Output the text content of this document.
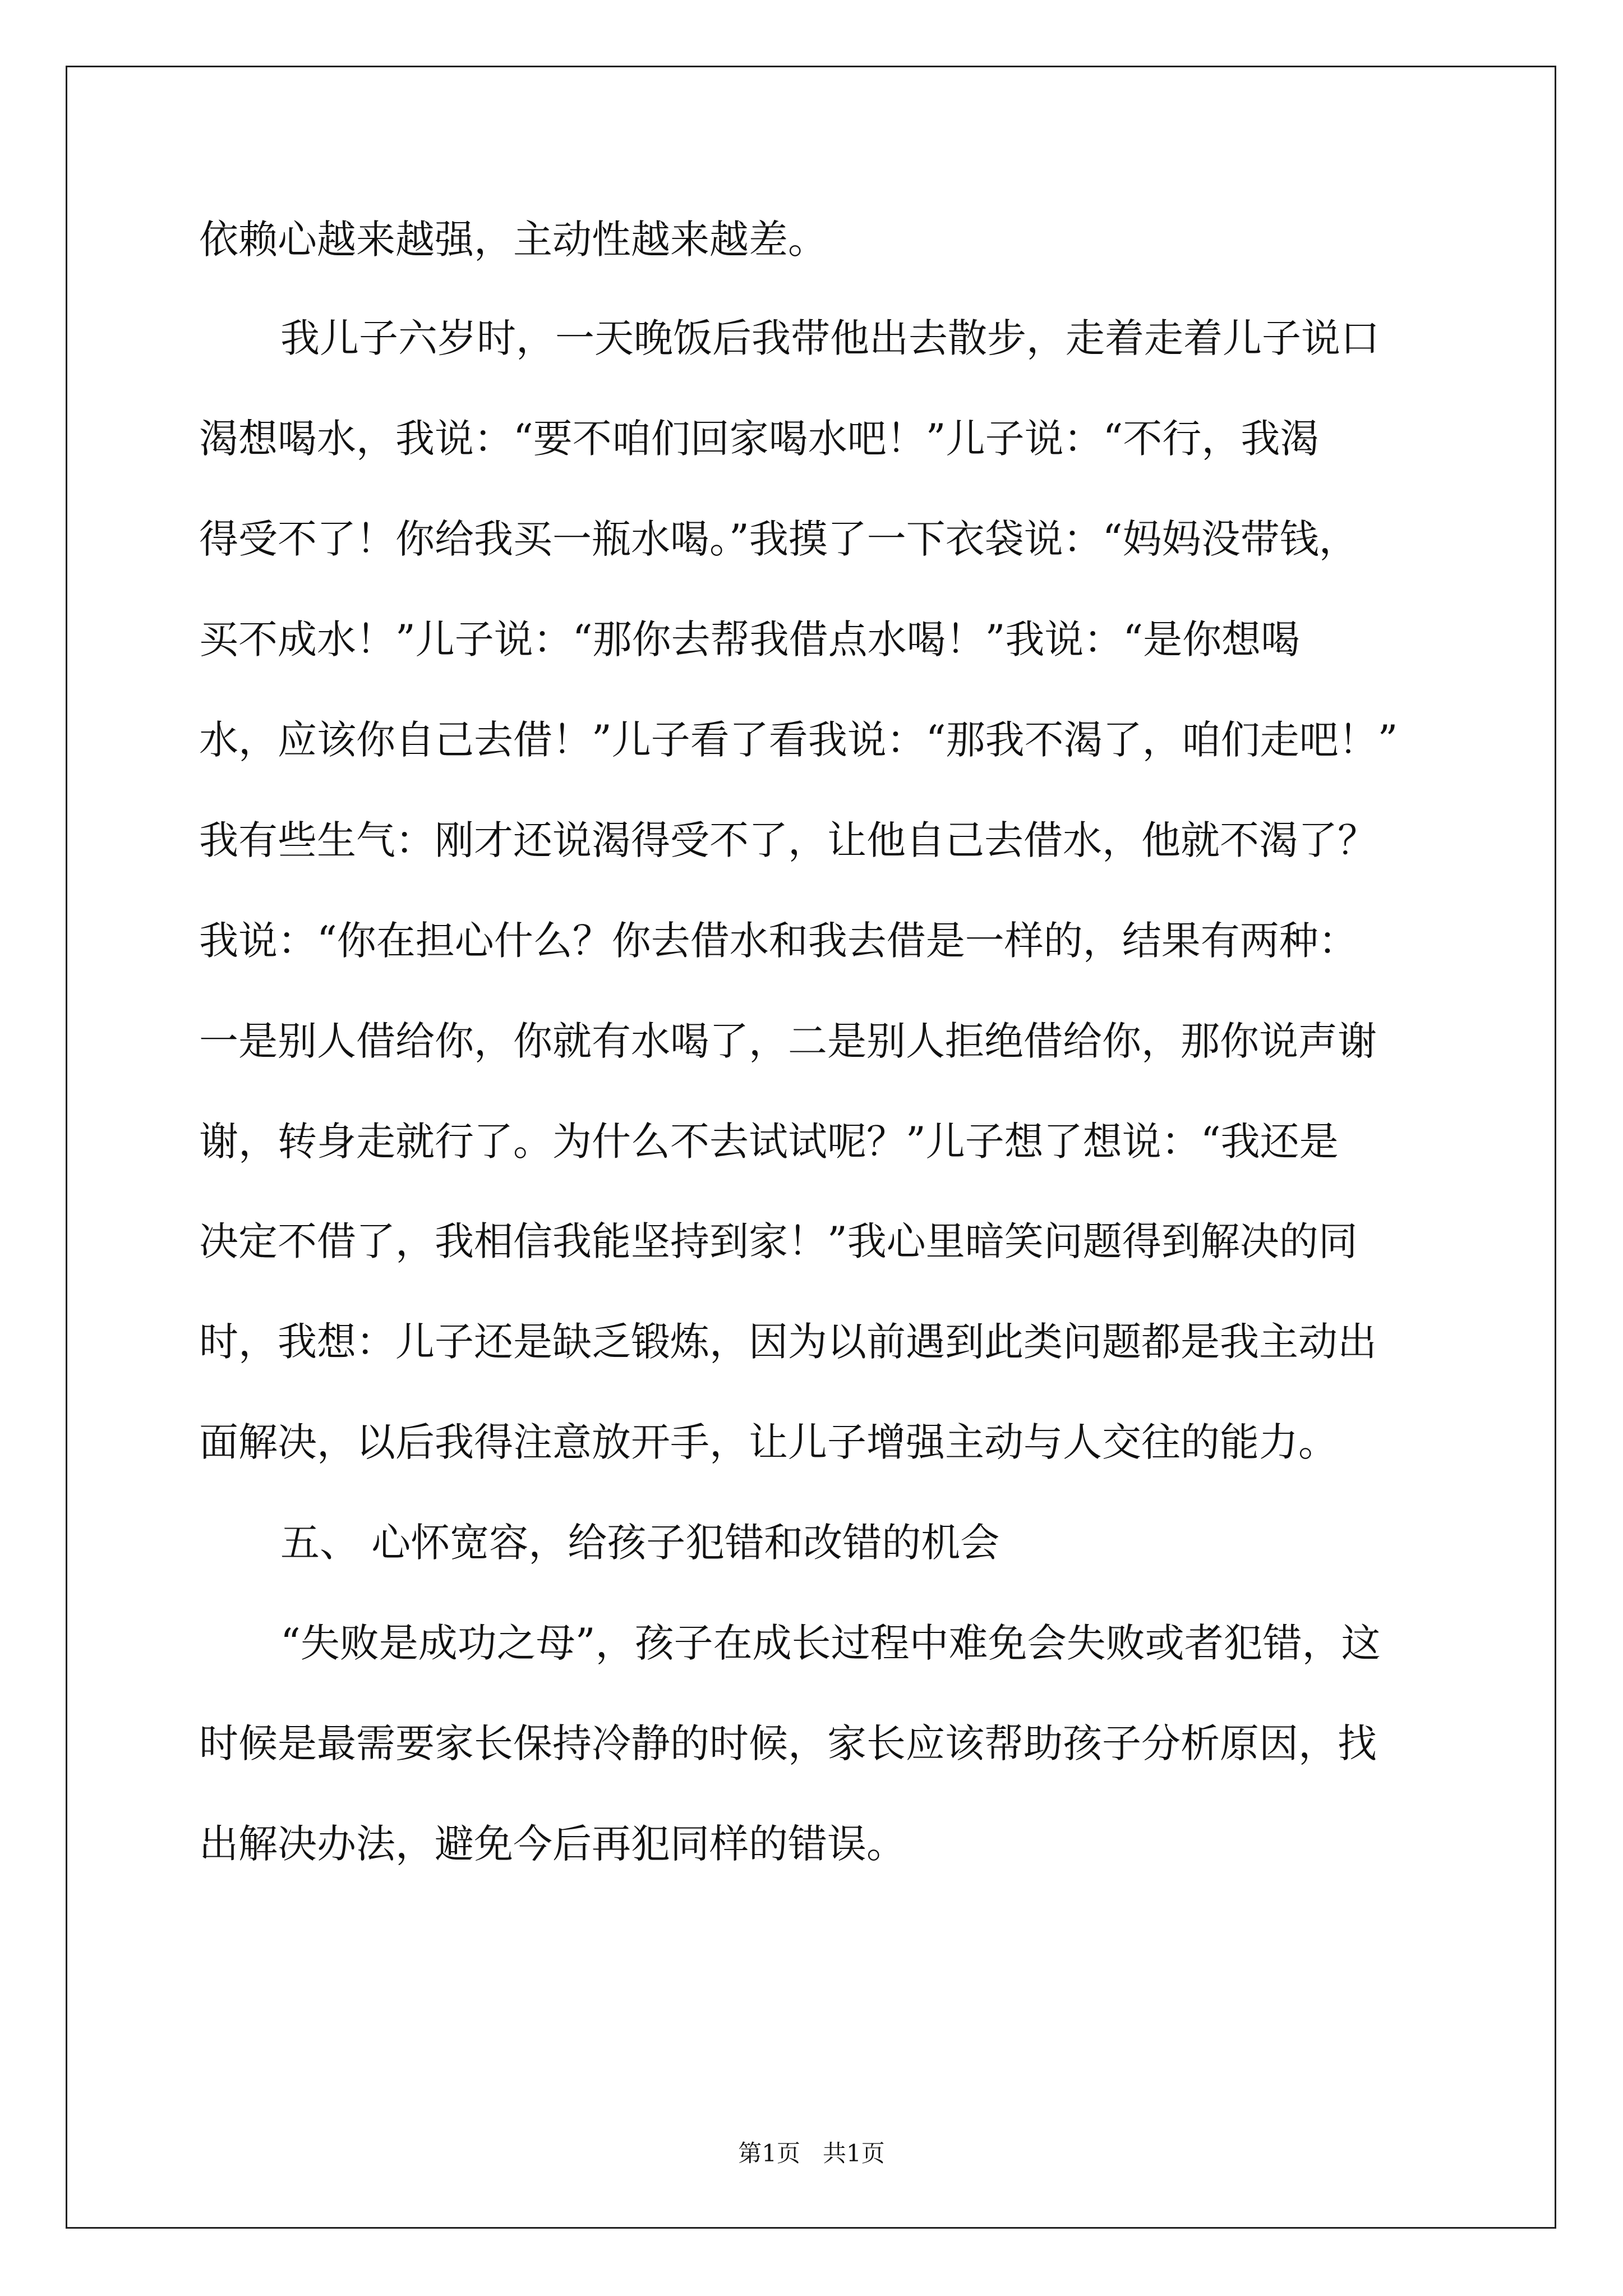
依赖心越来越强，主动性越来越差。
我儿子六岁时，一天晚饭后我带他出去散步，走着走着儿子说口
渴想喝水，我说：“要不咱们回家喝水吧！”儿子说：“不行，我渴
得受不了！你给我买一瓶水喝。”我摸了一下衣袋说：“妈妈没带钱，
买不成水！”儿子说：“那你去帮我借点水喝！”我说：“是你想喝
水，应该你自己去借！”儿子看了看我说：“那我不渴了，咱们走吧！”
我有些生气：刚才还说渴得受不了，让他自己去借水，他就不渴了？
我说：“你在担心什么？你去借水和我去借是一样的，结果有两种：
一是别人借给你，你就有水喝了，二是别人拒绝借给你，那你说声谢
谢，转身走就行了。为什么不去试试呢？”儿子想了想说：“我还是
决定不借了，我相信我能坚持到家！”我心里暗笑问题得到解决的同
时，我想：儿子还是缺乏锻炼，因为以前遇到此类问题都是我主动出
面解决，以后我得注意放开手，让儿子增强主动与人交往的能力。
五、 心怀宽容，给孩子犯错和改错的机会
“失败是成功之母”，孩子在成长过程中难免会失败或者犯错，这
时候是最需要家长保持冷静的时候，家长应该帮助孩子分析原因，找
出解决办法，避免今后再犯同样的错误。
第1页   共1页
